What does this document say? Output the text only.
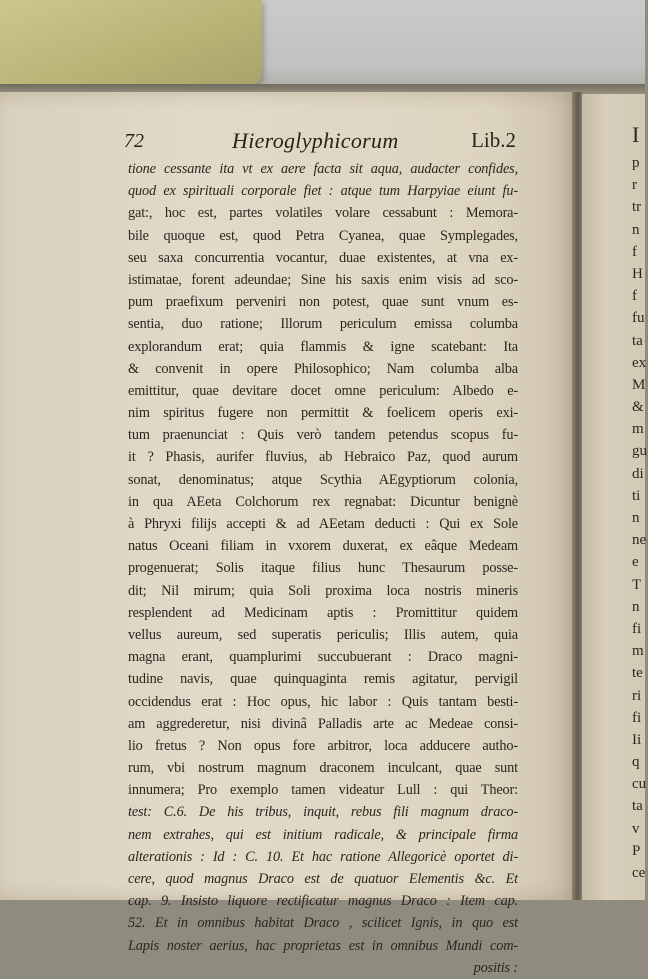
72	Hieroglyphicorum	Lib.2
tione cessante ita vt ex aere facta sit aqua, audacter confides,
quod ex spirituali corporale fiet : atque tum Harpyiae eiunt fu-
gat:, hoc est, partes volatiles volare cessabunt : Memora-
bile quoque est, quod Petra Cyanea, quae Symplegades,
seu saxa concurrentia vocantur, duae existentes, at vna ex-
istimatae, forent adeundae; Sine his saxis enim visis ad sco-
pum praefixum perveniri non potest, quae sunt vnum es-
sentia, duo ratione; Illorum periculum emissa columba
explorandum erat; quia flammis & igne scatebant: Ita
& convenit in opere Philosophico; Nam columba alba
emittitur, quae devitare docet omne periculum: Albedo e-
nim spiritus fugere non permittit & foelicem operis exi-
tum praenunciat : Quis verò tandem petendus scopus fu-
it ? Phasis, aurifer fluvius, ab Hebraico Paz, quod aurum
sonat, denominatus; atque Scythia AEgyptiorum colonia,
in qua AEeta Colchorum rex regnabat: Dicuntur benignè
à Phryxi filijs accepti & ad AEetam deducti : Qui ex Sole
natus Oceani filiam in vxorem duxerat, ex eâque Medeam
progenuerat; Solis itaque filius hunc Thesaurum posse-
dit; Nil mirum; quia Soli proxima loca nostris mineris
resplendent ad Medicinam aptis : Promittitur quidem
vellus aureum, sed superatis periculis; Illis autem, quia
magna erant, quamplurimi succubuerant : Draco magni-
tudine navis, quae quinquaginta remis agitatur, pervigil
occidendus erat : Hoc opus, hic labor : Quis tantam besti-
am aggrederetur, nisi divinâ Palladis arte ac Medeae consi-
lio fretus ? Non opus fore arbitror, loca adducere autho-
rum, vbi nostrum magnum draconem inculcant, quae sunt
innumera; Pro exemplo tamen videatur Lull : qui Theor:
test: C.6. De his tribus, inquit, rebus fili magnum draco-
nem extrahes, qui est initium radicale, & principale firma
alterationis : Id : C. 10. Et hac ratione Allegoricè oportet di-
cere, quod magnus Draco est de quatuor Elementis &c. Et
cap. 9. Insisto liquore rectificatur magnus Draco : Item cap.
52. Et in omnibus habitat Draco , scilicet Ignis, in quo est
Lapis noster aerius, hac proprietas est in omnibus Mundi com-
positis :
I
p
r
tr
n
f
H
f
fu
ta
ex
M
&
m
gu
di
ti
n
ne
e
T
n
fi
m
te
ri
fi
Ii
q
cu
ta
v
P
ce
